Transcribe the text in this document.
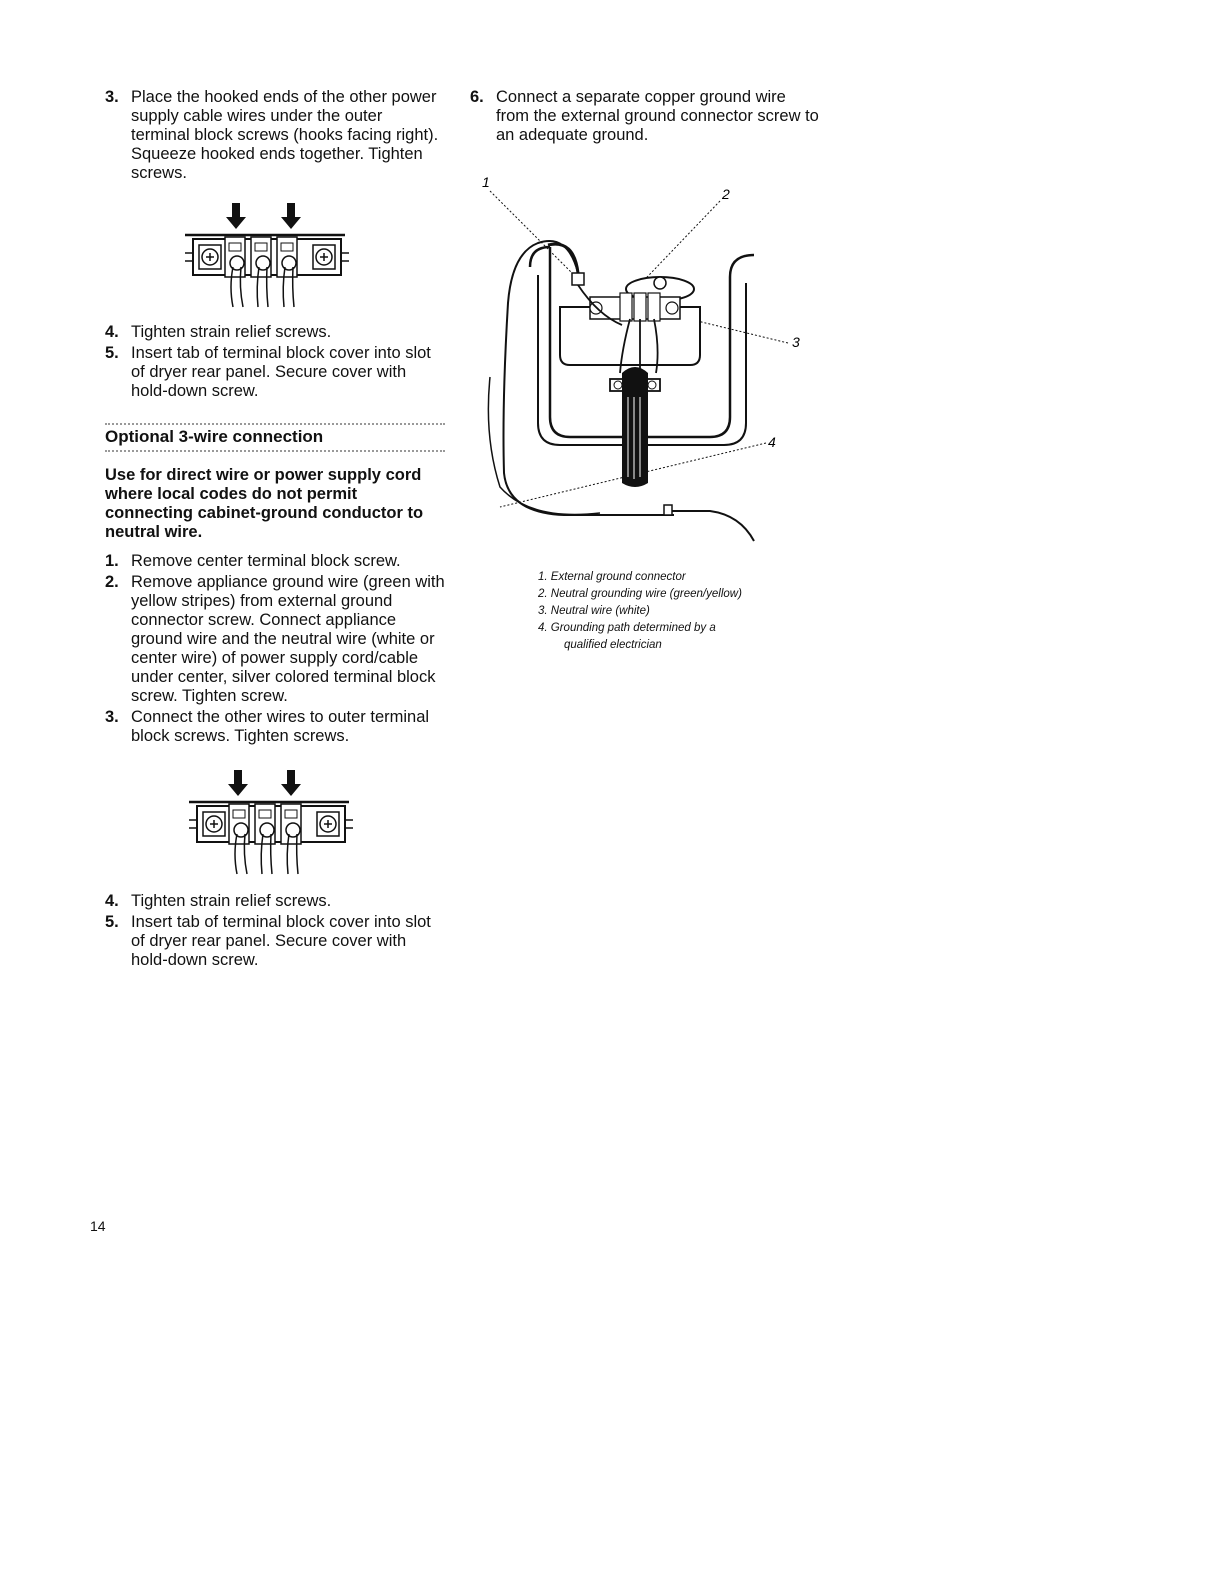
3. Place the hooked ends of the other power supply cable wires under the outer terminal block screws (hooks facing right). Squeeze hooked ends together. Tighten screws.
4. Tighten strain relief screws.
5. Insert tab of terminal block cover into slot of dryer rear panel. Secure cover with hold-down screw.
Optional 3-wire connection
Use for direct wire or power supply cord where local codes do not permit connecting cabinet-ground conductor to neutral wire.
1. Remove center terminal block screw.
2. Remove appliance ground wire (green with yellow stripes) from external ground connector screw. Connect appliance ground wire and the neutral wire (white or center wire) of power supply cord/cable under center, silver colored terminal block screw. Tighten screw.
3. Connect the other wires to outer terminal block screws. Tighten screws.
4. Tighten strain relief screws.
5. Insert tab of terminal block cover into slot of dryer rear panel. Secure cover with hold-down screw.
6. Connect a separate copper ground wire from the external ground connector screw to an adequate ground.
1
2
3
4
1. External ground connector
2. Neutral grounding wire (green/yellow)
3. Neutral wire (white)
4. Grounding path determined by a
qualified electrician
14
